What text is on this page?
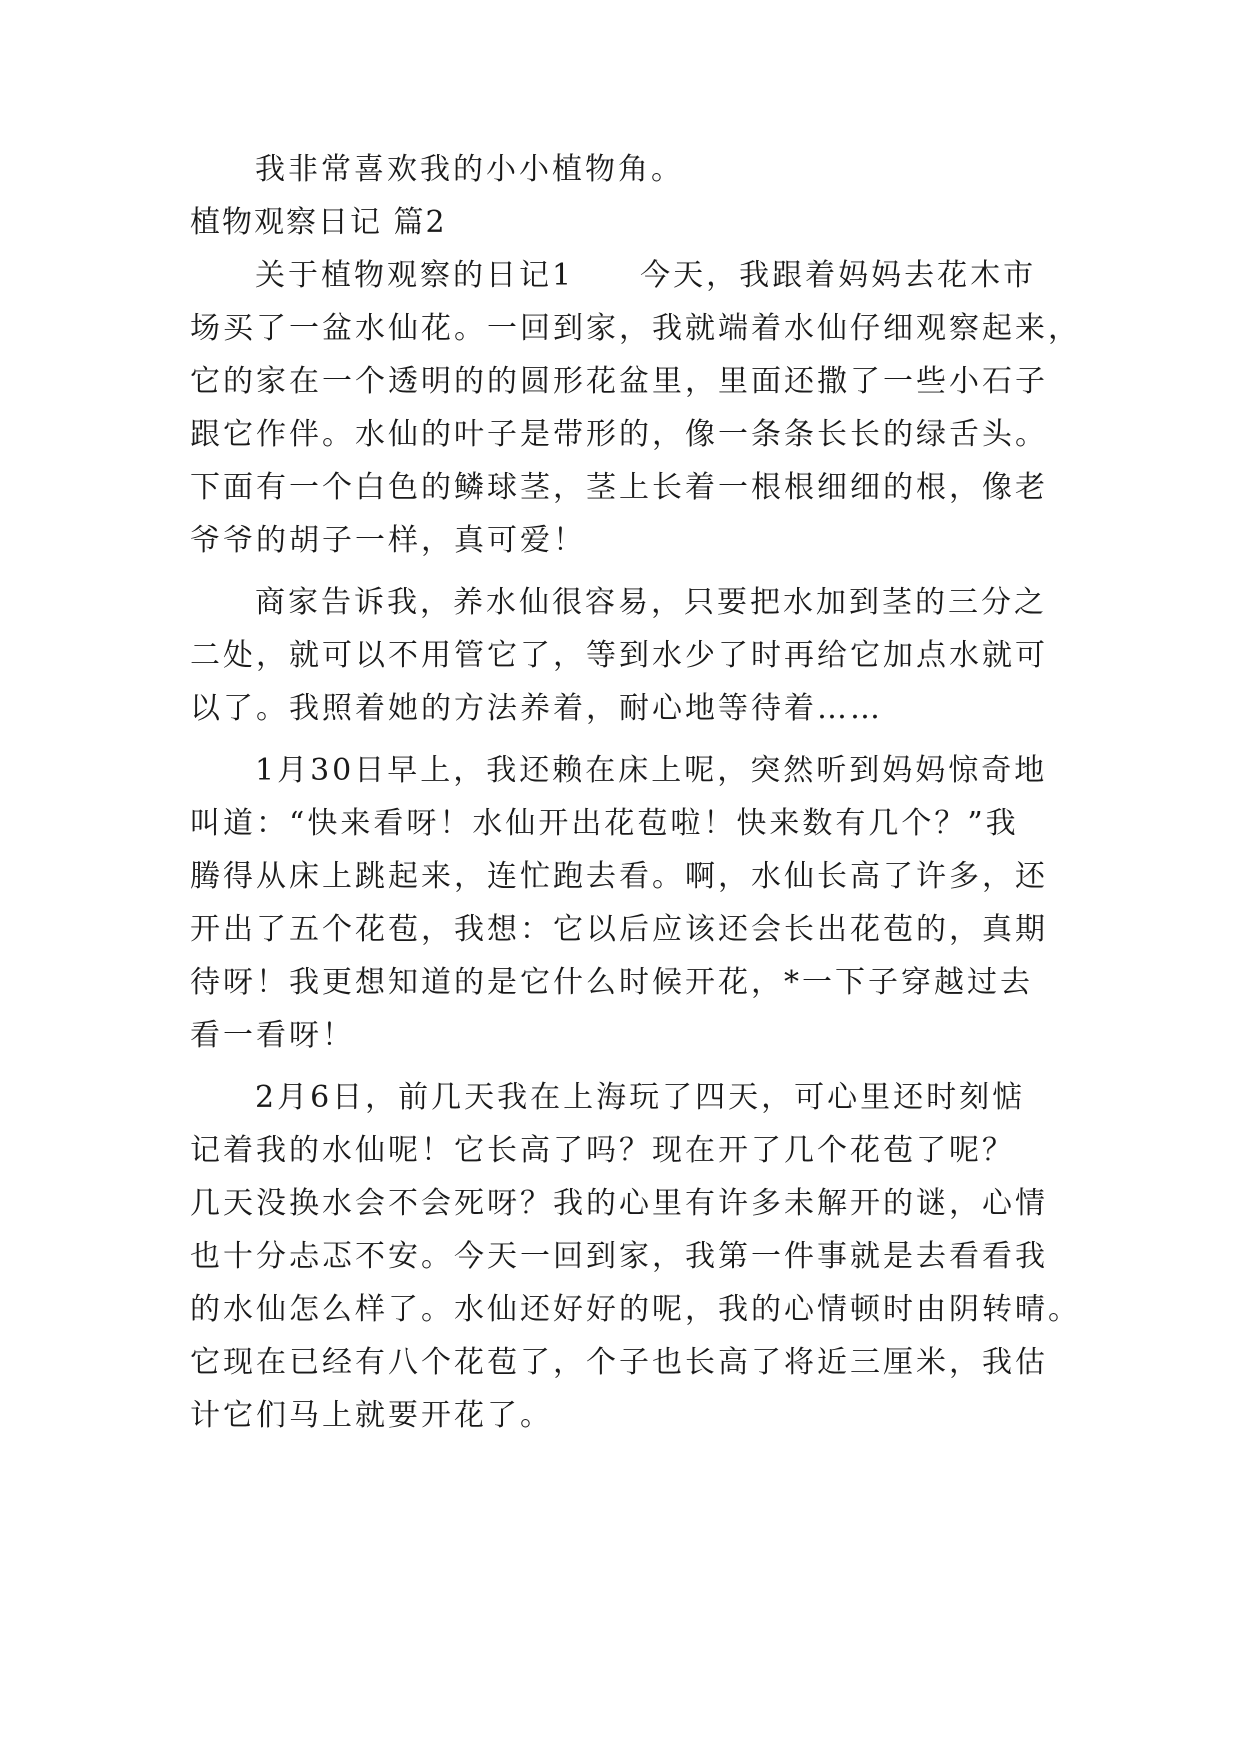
我非常喜欢我的小小植物角。
植物观察日记 篇2
关于植物观察的日记1　　今天，我跟着妈妈去花木市
场买了一盆水仙花。一回到家，我就端着水仙仔细观察起来，
它的家在一个透明的的圆形花盆里，里面还撒了一些小石子
跟它作伴。水仙的叶子是带形的，像一条条长长的绿舌头。
下面有一个白色的鳞球茎，茎上长着一根根细细的根，像老
爷爷的胡子一样，真可爱！
商家告诉我，养水仙很容易，只要把水加到茎的三分之
二处，就可以不用管它了，等到水少了时再给它加点水就可
以了。我照着她的方法养着，耐心地等待着……
1月30日早上，我还赖在床上呢，突然听到妈妈惊奇地
叫道：“快来看呀！水仙开出花苞啦！快来数有几个？”我
腾得从床上跳起来，连忙跑去看。啊，水仙长高了许多，还
开出了五个花苞，我想：它以后应该还会长出花苞的，真期
待呀！我更想知道的是它什么时候开花，*一下子穿越过去
看一看呀！
2月6日，前几天我在上海玩了四天，可心里还时刻惦
记着我的水仙呢！它长高了吗？现在开了几个花苞了呢？
几天没换水会不会死呀？我的心里有许多未解开的谜，心情
也十分忐忑不安。今天一回到家，我第一件事就是去看看我
的水仙怎么样了。水仙还好好的呢，我的心情顿时由阴转晴。
它现在已经有八个花苞了，个子也长高了将近三厘米，我估
计它们马上就要开花了。
